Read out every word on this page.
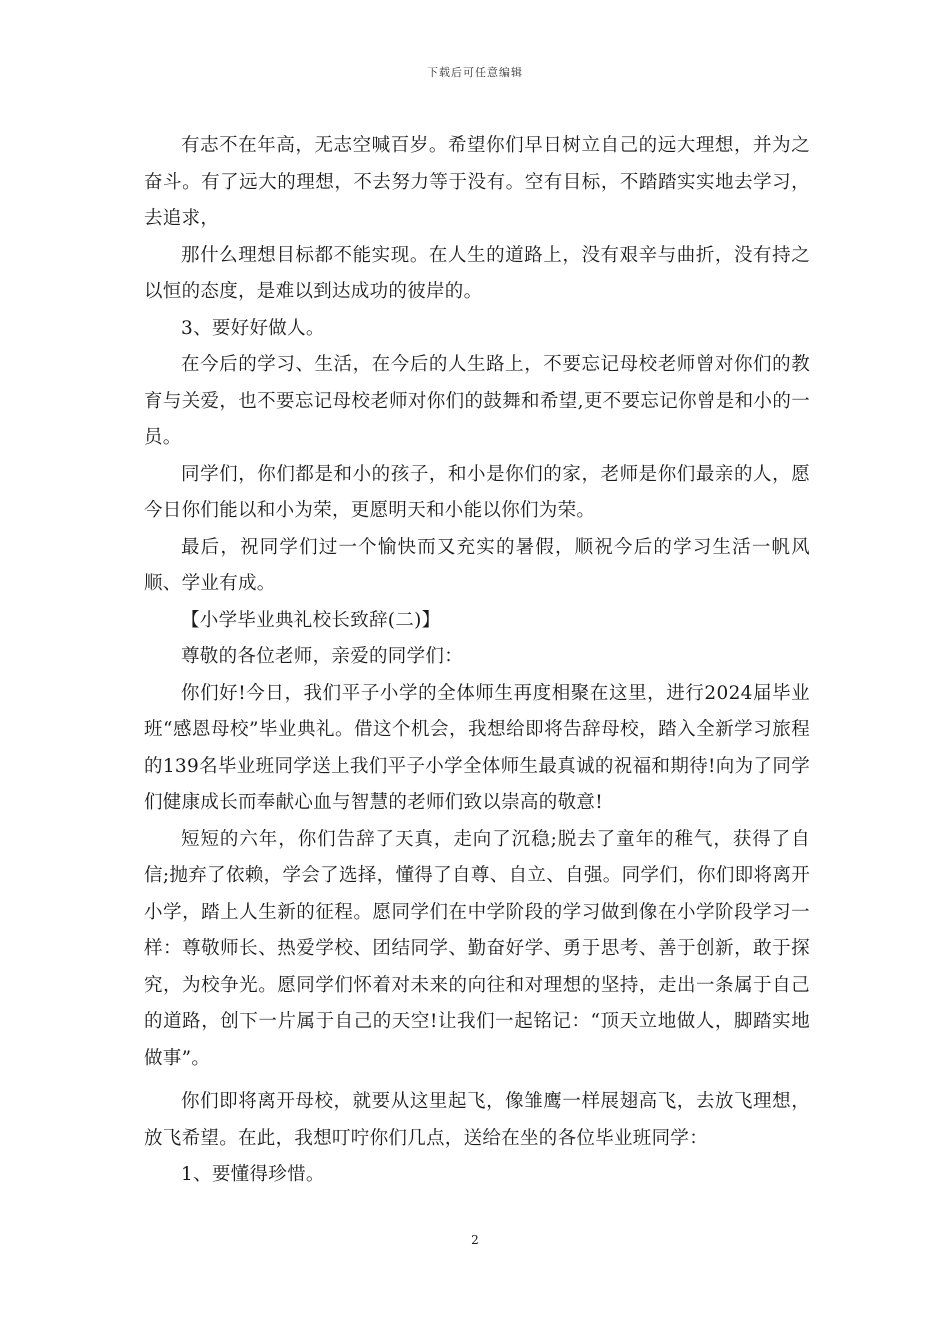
下载后可任意编辑

有志不在年高，无志空喊百岁。希望你们早日树立自己的远大理想，并为之奋斗。有了远大的理想，不去努力等于没有。空有目标，不踏踏实实地去学习，去追求，

那什么理想目标都不能实现。在人生的道路上，没有艰辛与曲折，没有持之以恒的态度，是难以到达成功的彼岸的。

3、要好好做人。

在今后的学习、生活，在今后的人生路上，不要忘记母校老师曾对你们的教育与关爱，也不要忘记母校老师对你们的鼓舞和希望,更不要忘记你曾是和小的一员。

同学们，你们都是和小的孩子，和小是你们的家，老师是你们最亲的人，愿今日你们能以和小为荣，更愿明天和小能以你们为荣。

最后，祝同学们过一个愉快而又充实的暑假，顺祝今后的学习生活一帆风顺、学业有成。

【小学毕业典礼校长致辞(二)】

尊敬的各位老师，亲爱的同学们：

你们好!今日，我们平子小学的全体师生再度相聚在这里，进行2024届毕业班“感恩母校”毕业典礼。借这个机会，我想给即将告辞母校，踏入全新学习旅程的139名毕业班同学送上我们平子小学全体师生最真诚的祝福和期待!向为了同学们健康成长而奉献心血与智慧的老师们致以崇高的敬意!

短短的六年，你们告辞了天真，走向了沉稳;脱去了童年的稚气，获得了自信;抛弃了依赖，学会了选择，懂得了自尊、自立、自强。同学们，你们即将离开小学，踏上人生新的征程。愿同学们在中学阶段的学习做到像在小学阶段学习一样：尊敬师长、热爱学校、团结同学、勤奋好学、勇于思考、善于创新，敢于探究，为校争光。愿同学们怀着对未来的向往和对理想的坚持，走出一条属于自己的道路，创下一片属于自己的天空!让我们一起铭记：“顶天立地做人，脚踏实地做事”。

你们即将离开母校，就要从这里起飞，像雏鹰一样展翅高飞，去放飞理想，放飞希望。在此，我想叮咛你们几点，送给在坐的各位毕业班同学：

1、要懂得珍惜。

2
